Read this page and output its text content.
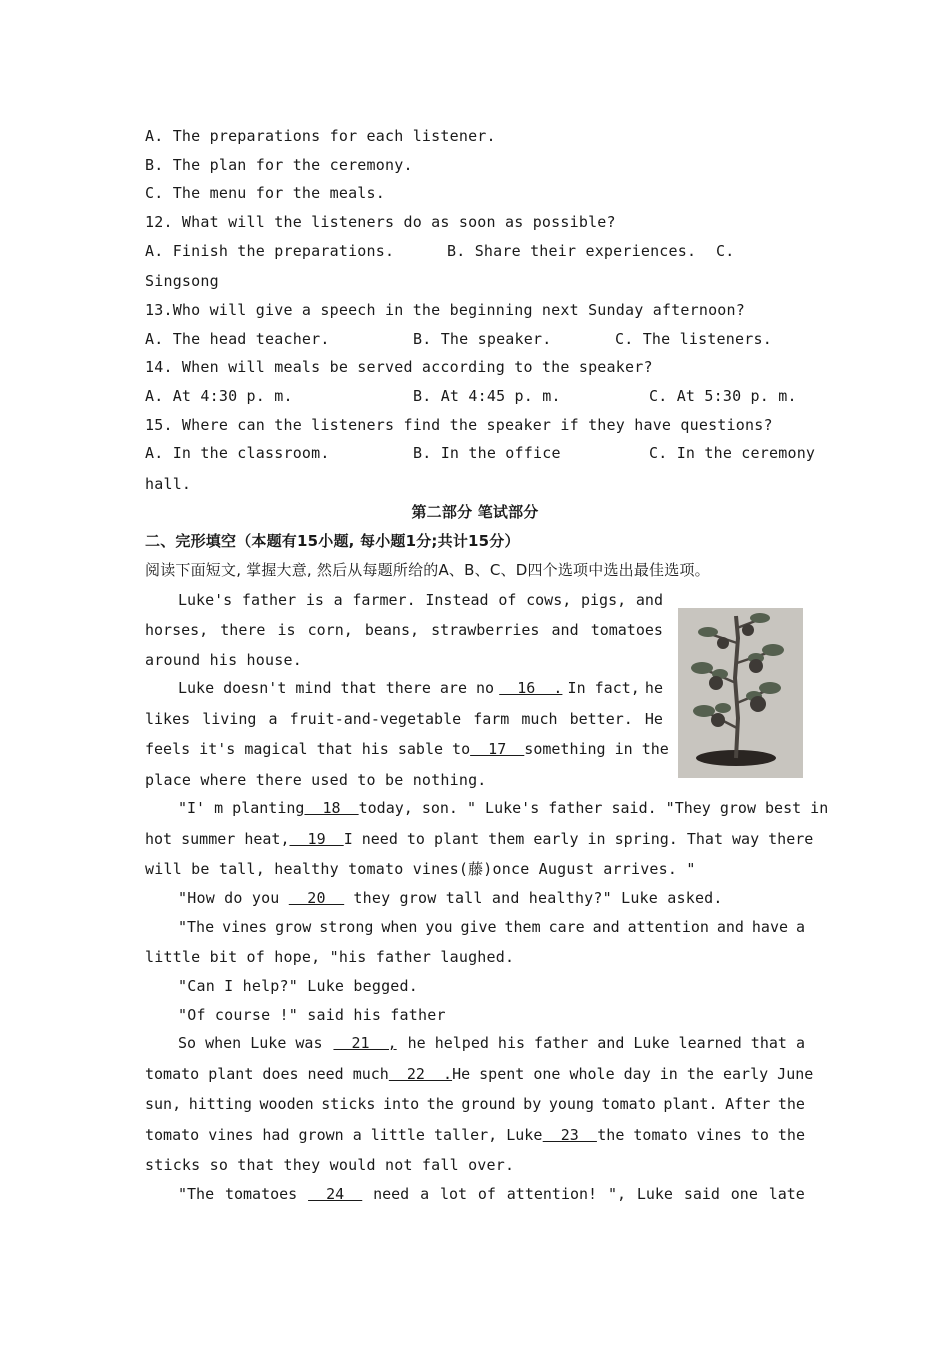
A. The preparations for each listener.
B. The plan for the ceremony.
C. The menu for the meals.
12. What will the listeners do as soon as possible?
A. Finish the preparations.	B. Share their experiences. C.
Singsong
13.Who will give a speech in the beginning next Sunday afternoon?
A. The head teacher.	B. The speaker.	C. The listeners.
14. When will meals be served according to the speaker?
A. At 4:30 p. m.	B. At 4:45 p. m.	C. At 5:30 p. m.
15. Where can the listeners find the speaker if they have questions?
A. In the classroom.	B. In the office	C. In the ceremony
hall.
第二部分 笔试部分
二、完形填空（本题有15小题, 每小题1分;共计15分）
阅读下面短文, 掌握大意, 然后从每题所给的A、B、C、D四个选项中选出最佳选项。
Luke's father is a farmer. Instead of cows, pigs, and
horses, there is corn, beans, strawberries and tomatoes
around his house.
Luke doesn't mind that there are no 16  . In fact, he
likes living a fruit-and-vegetable farm much better. He
feels it's magical that his sable to 17 something in the
place where there used to be nothing.
"I' m planting 18 today, son. " Luke's father said. "They grow best in
hot summer heat, 19 I need to plant them early in spring. That way there
will be tall, healthy tomato vines(藤)once August arrives. "
"How do you   20   they grow tall and healthy?" Luke asked.
"The vines grow strong when you give them care and attention and have a
little bit of hope, "his father laughed.
"Can I help?" Luke begged.
"Of course !" said his father
So when Luke was 21  , he helped his father and Luke learned that a
tomato plant does need much 22  . He spent one whole day in the early June
sun, hitting wooden sticks into the ground by young tomato plant. After the
tomato vines had grown a little taller, Luke 23 the tomato vines to the
sticks so that they would not fall over.
"The tomatoes 24 need a lot of attention! ", Luke said one late
